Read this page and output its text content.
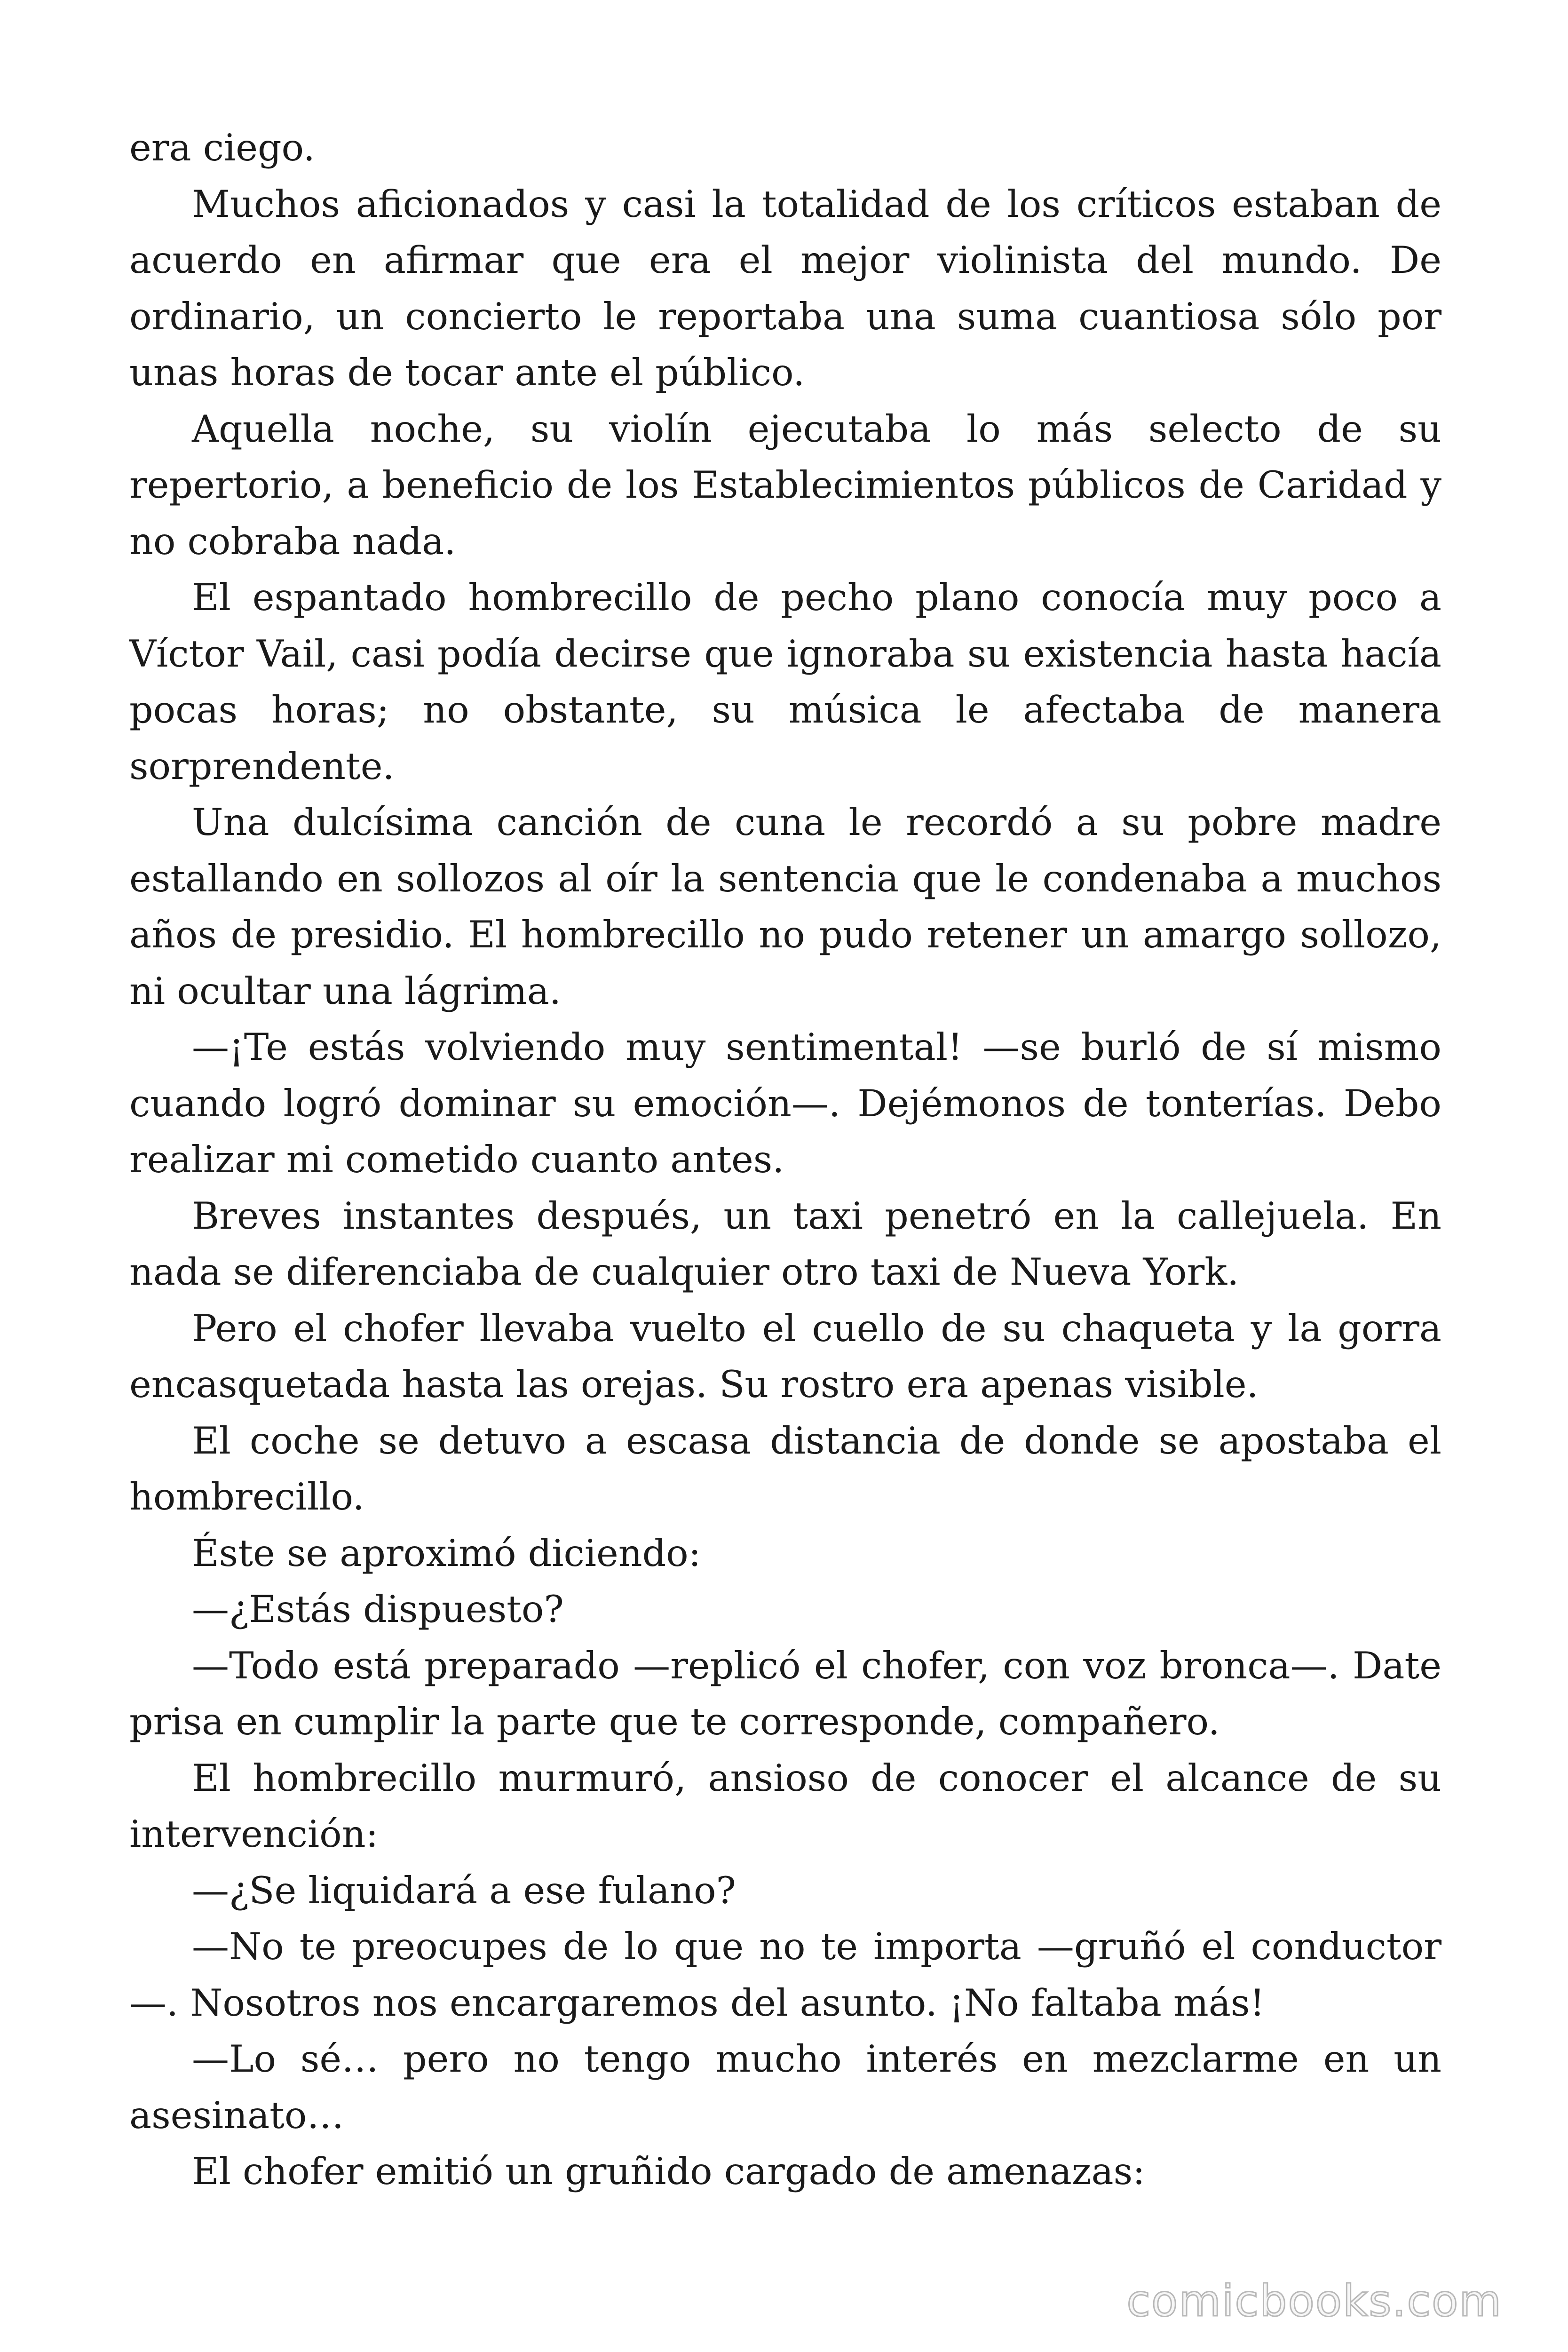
era ciego.

Muchos aficionados y casi la totalidad de los críticos estaban de acuerdo en afirmar que era el mejor violinista del mundo. De ordinario, un concierto le reportaba una suma cuantiosa sólo por unas horas de tocar ante el público.

Aquella noche, su violín ejecutaba lo más selecto de su repertorio, a beneficio de los Establecimientos públicos de Caridad y no cobraba nada.

El espantado hombrecillo de pecho plano conocía muy poco a Víctor Vail, casi podía decirse que ignoraba su existencia hasta hacía pocas horas; no obstante, su música le afectaba de manera sorprendente.

Una dulcísima canción de cuna le recordó a su pobre madre estallando en sollozos al oír la sentencia que le condenaba a muchos años de presidio. El hombrecillo no pudo retener un amargo sollozo, ni ocultar una lágrima.

—¡Te estás volviendo muy sentimental! —se burló de sí mismo cuando logró dominar su emoción—. Dejémonos de tonterías. Debo realizar mi cometido cuanto antes.

Breves instantes después, un taxi penetró en la callejuela. En nada se diferenciaba de cualquier otro taxi de Nueva York.

Pero el chofer llevaba vuelto el cuello de su chaqueta y la gorra encasquetada hasta las orejas. Su rostro era apenas visible.

El coche se detuvo a escasa distancia de donde se apostaba el hombrecillo.

Éste se aproximó diciendo:

—¿Estás dispuesto?

—Todo está preparado —replicó el chofer, con voz bronca—. Date prisa en cumplir la parte que te corresponde, compañero.

El hombrecillo murmuró, ansioso de conocer el alcance de su intervención:

—¿Se liquidará a ese fulano?

—No te preocupes de lo que no te importa —gruñó el conductor —. Nosotros nos encargaremos del asunto. ¡No faltaba más!

—Lo sé… pero no tengo mucho interés en mezclarme en un asesinato…

El chofer emitió un gruñido cargado de amenazas:

comicbooks.com
